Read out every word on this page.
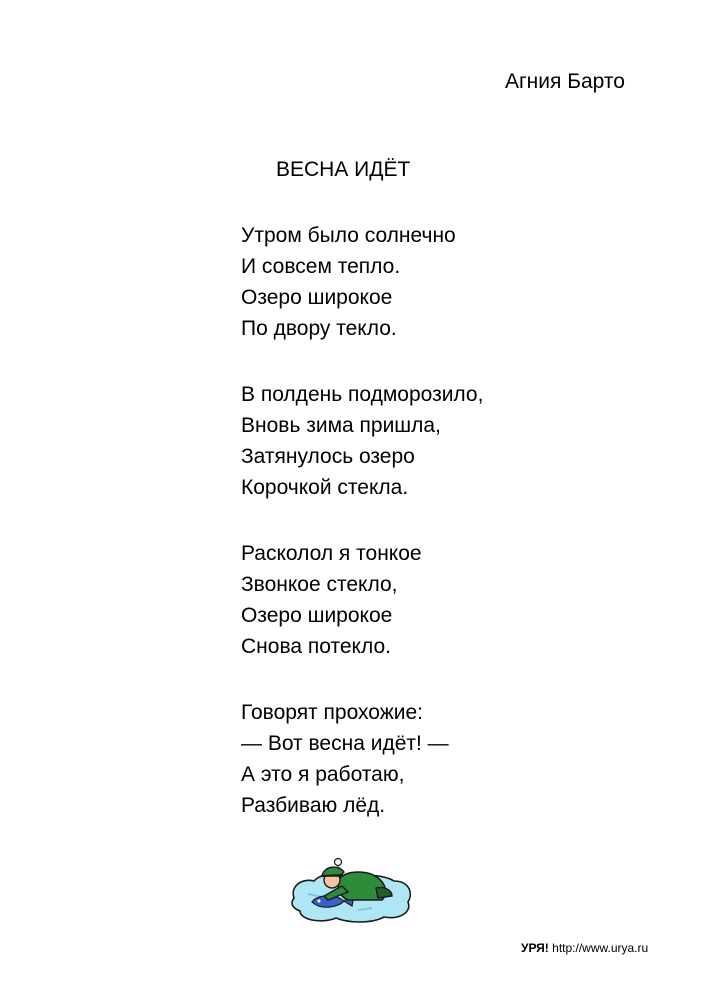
Агния Барто
ВЕСНА ИДЁТ
Утром было солнечно
И совсем тепло.
Озеро широкое
По двору текло.
В полдень подморозило,
Вновь зима пришла,
Затянулось озеро
Корочкой стекла.
Расколол я тонкое
Звонкое стекло,
Озеро широкое
Снова потекло.
Говорят прохожие:
— Вот весна идёт! —
А это я работаю,
Разбиваю лёд.
УРЯ! http://www.urya.ru
